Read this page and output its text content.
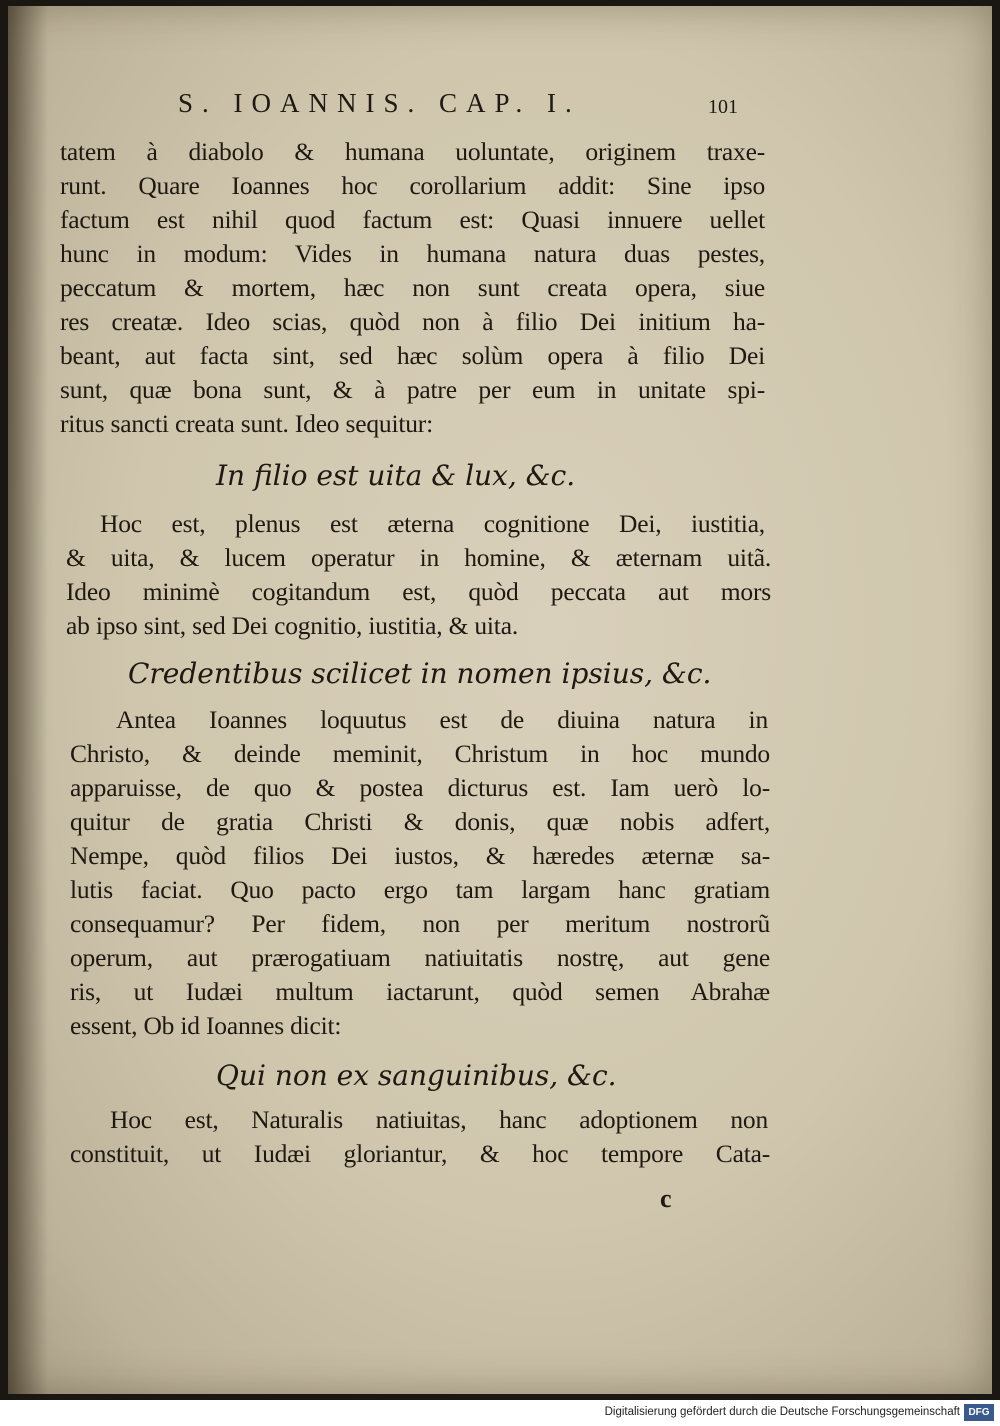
S. IOANNIS. CAP. I.	101
tatem à diabolo & humana uoluntate, originem traxe-
runt. Quare Ioannes hoc corollarium addit: Sine ipso
factum est nihil quod factum est: Quasi innuere uellet
hunc in modum: Vides in humana natura duas pestes,
peccatum & mortem, hæc non sunt creata opera, siue
res creatæ. Ideo scias, quòd non à filio Dei initium ha-
beant, aut facta sint, sed hæc solùm opera à filio Dei
sunt, quæ bona sunt, & à patre per eum in unitate spi-
ritus sancti creata sunt. Ideo sequitur:
In filio est uita & lux, &c.
Hoc est, plenus est æterna cognitione Dei, iustitia,
& uita, & lucem operatur in homine, & æternam uitã.
Ideo minimè cogitandum est, quòd peccata aut mors
ab ipso sint, sed Dei cognitio, iustitia, & uita.
Credentibus scilicet in nomen ipsius, &c.
Antea Ioannes loquutus est de diuina natura in
Christo, & deinde meminit, Christum in hoc mundo
apparuisse, de quo & postea dicturus est. Iam uerò lo-
quitur de gratia Christi & donis, quæ nobis adfert,
Nempe, quòd filios Dei iustos, & hæredes æternæ sa-
lutis faciat. Quo pacto ergo tam largam hanc gratiam
consequamur? Per fidem, non per meritum nostrorũ
operum, aut prærogatiuam natiuitatis nostrę, aut gene
ris, ut Iudæi multum iactarunt, quòd semen Abrahæ
essent, Ob id Ioannes dicit:
Qui non ex sanguinibus, &c.
Hoc est, Naturalis natiuitas, hanc adoptionem non
constituit, ut Iudæi gloriantur, & hoc tempore Cata-
c
Digitalisierung gefördert durch die Deutsche Forschungsgemeinschaft DFG
